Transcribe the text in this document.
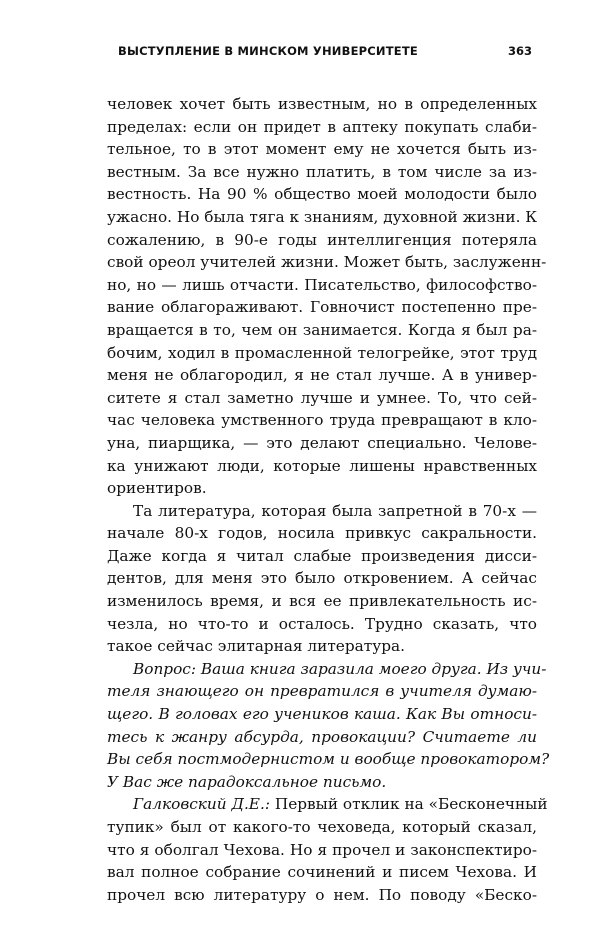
ВЫСТУПЛЕНИЕ В МИНСКОМ УНИВЕРСИТЕТЕ	363

человек хочет быть известным, но в определенных
пределах: если он придет в аптеку покупать слаби-
тельное, то в этот момент ему не хочется быть из-
вестным. За все нужно платить, в том числе за из-
вестность. На 90 % общество моей молодости было
ужасно. Но была тяга к знаниям, духовной жизни. К
сожалению, в 90-е годы интеллигенция потеряла
свой ореол учителей жизни. Может быть, заслуженн-
но, но — лишь отчасти. Писательство, философство-
вание облагораживают. Говночист постепенно пре-
вращается в то, чем он занимается. Когда я был ра-
бочим, ходил в промасленной телогрейке, этот труд
меня не облагородил, я не стал лучше. А в универ-
ситете я стал заметно лучше и умнее. То, что сей-
час человека умственного труда превращают в кло-
уна, пиарщика, — это делают специально. Челове-
ка унижают люди, которые лишены нравственных
ориентиров.

Та литература, которая была запретной в 70-х —
начале 80-х годов, носила привкус сакральности.
Даже когда я читал слабые произведения дисси-
дентов, для меня это было откровением. А сейчас
изменилось время, и вся ее привлекательность ис-
чезла, но что-то и осталось. Трудно сказать, что
такое сейчас элитарная литература.

Вопрос: Ваша книга заразила моего друга. Из учи-
теля знающего он превратился в учителя думаю-
щего. В головах его учеников каша. Как Вы относи-
тесь к жанру абсурда, провокации? Считаете ли
Вы себя постмодернистом и вообще провокатором?
У Вас же парадоксальное письмо.

Галковский Д.Е.: Первый отклик на «Бесконечный
тупик» был от какого-то чеховеда, который сказал,
что я оболгал Чехова. Но я прочел и законспектиро-
вал полное собрание сочинений и писем Чехова. И
прочел всю литературу о нем. По поводу «Беско-
